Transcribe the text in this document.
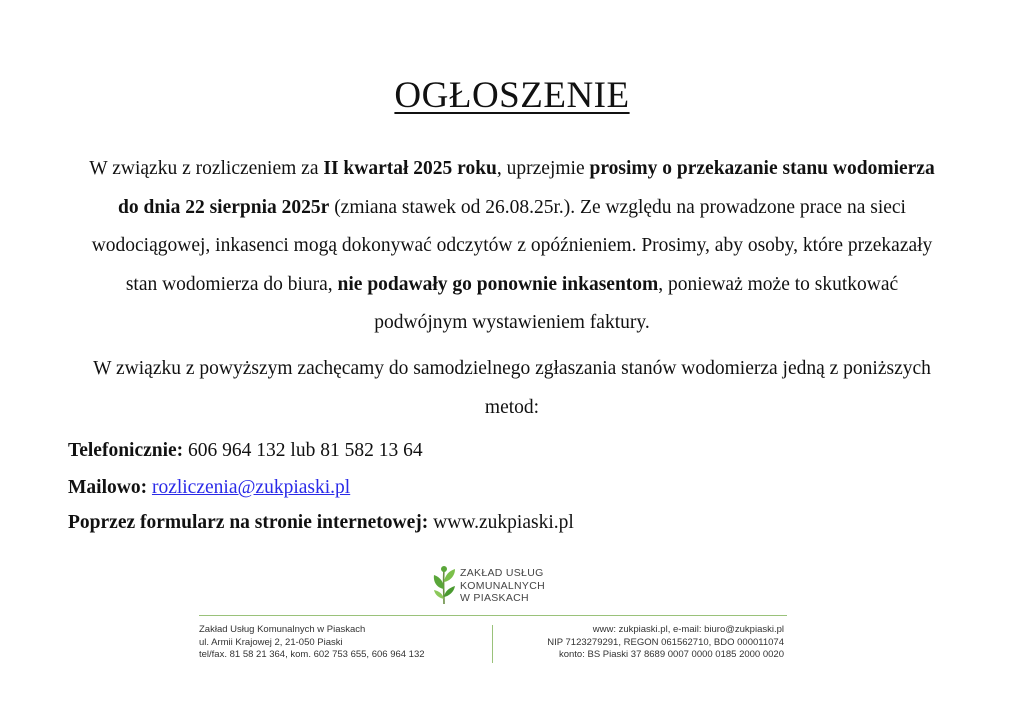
OGŁOSZENIE
W związku z rozliczeniem za II kwartał 2025 roku, uprzejmie prosimy o przekazanie stanu wodomierza do dnia 22 sierpnia 2025r (zmiana stawek od 26.08.25r.). Ze względu na prowadzone prace na sieci wodociągowej, inkasenci mogą dokonywać odczytów z opóźnieniem. Prosimy, aby osoby, które przekazały stan wodomierza do biura, nie podawały go ponownie inkasentom, ponieważ może to skutkować podwójnym wystawieniem faktury.
W związku z powyższym zachęcamy do samodzielnego zgłaszania stanów wodomierza jedną z poniższych metod:
Telefonicznie: 606 964 132 lub 81 582 13 64
Mailowo: rozliczenia@zukpiaski.pl
Poprzez formularz na stronie internetowej: www.zukpiaski.pl
ZAKŁAD USŁUG
KOMUNALNYCH
W PIASKACH
Zakład Usług Komunalnych w Piaskach
ul. Armii Krajowej 2, 21-050 Piaski
tel/fax. 81 58 21 364, kom. 602 753 655, 606 964 132
www: zukpiaski.pl, e-mail: biuro@zukpiaski.pl
NIP 7123279291, REGON 061562710, BDO 000011074
konto: BS Piaski 37 8689 0007 0000 0185 2000 0020
